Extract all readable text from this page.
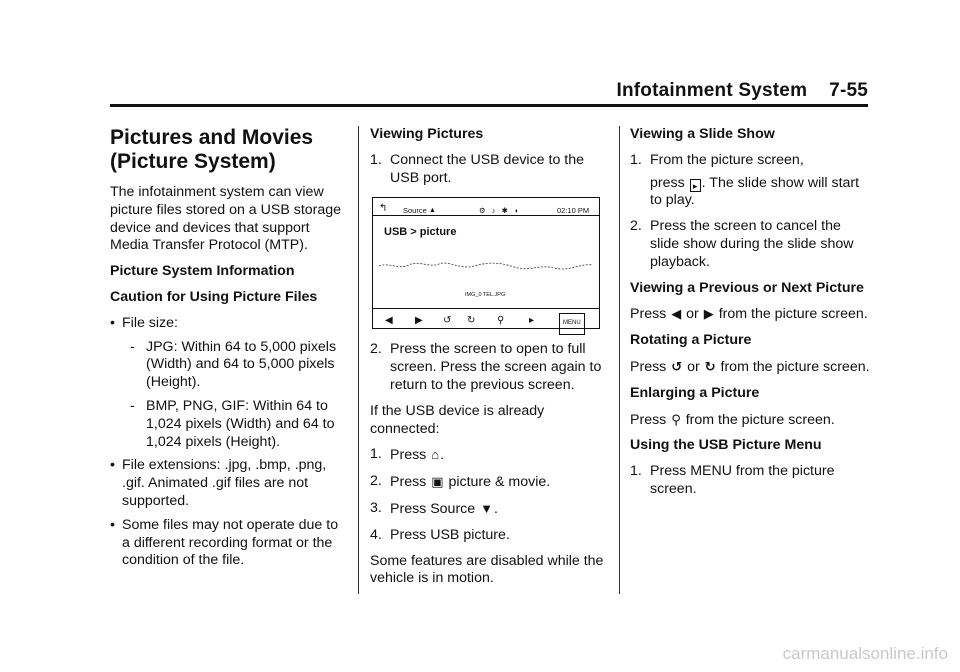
Infotainment System 7-55
Pictures and Movies
(Picture System)

The infotainment system can view picture files stored on a USB storage device and devices that support Media Transfer Protocol (MTP).

Picture System Information

Caution for Using Picture Files

• File size:
- JPG: Within 64 to 5,000 pixels (Width) and 64 to 5,000 pixels (Height).
- BMP, PNG, GIF: Within 64 to 1,024 pixels (Width) and 64 to 1,024 pixels (Height).
• File extensions: .jpg, .bmp, .png, .gif. Animated .gif files are not supported.
• Some files may not operate due to a different recording format or the condition of the file.

Viewing Pictures

1. Connect the USB device to the USB port.
↰ Source ▲	⚙ ♪ ✱ ◖	02:10 PM
USB > picture
IMG_0 TEL.JPG
◀ ▶ ↺ ↻ ⚲ ▸	MENU
2. Press the screen to open to full screen. Press the screen again to return to the previous screen.

If the USB device is already connected:

1. Press ⌂.
2. Press ▣ picture & movie.
3. Press Source ▼.
4. Press USB picture.

Some features are disabled while the vehicle is in motion.

Viewing a Slide Show

1. From the picture screen,
press ▸ . The slide show will start to play.
2. Press the screen to cancel the slide show during the slide show playback.

Viewing a Previous or Next Picture

Press ◀ or ▶ from the picture screen.

Rotating a Picture

Press ↺ or ↻ from the picture screen.

Enlarging a Picture

Press ⚲ from the picture screen.

Using the USB Picture Menu

1. Press MENU from the picture screen.
carmanualsonline.info
